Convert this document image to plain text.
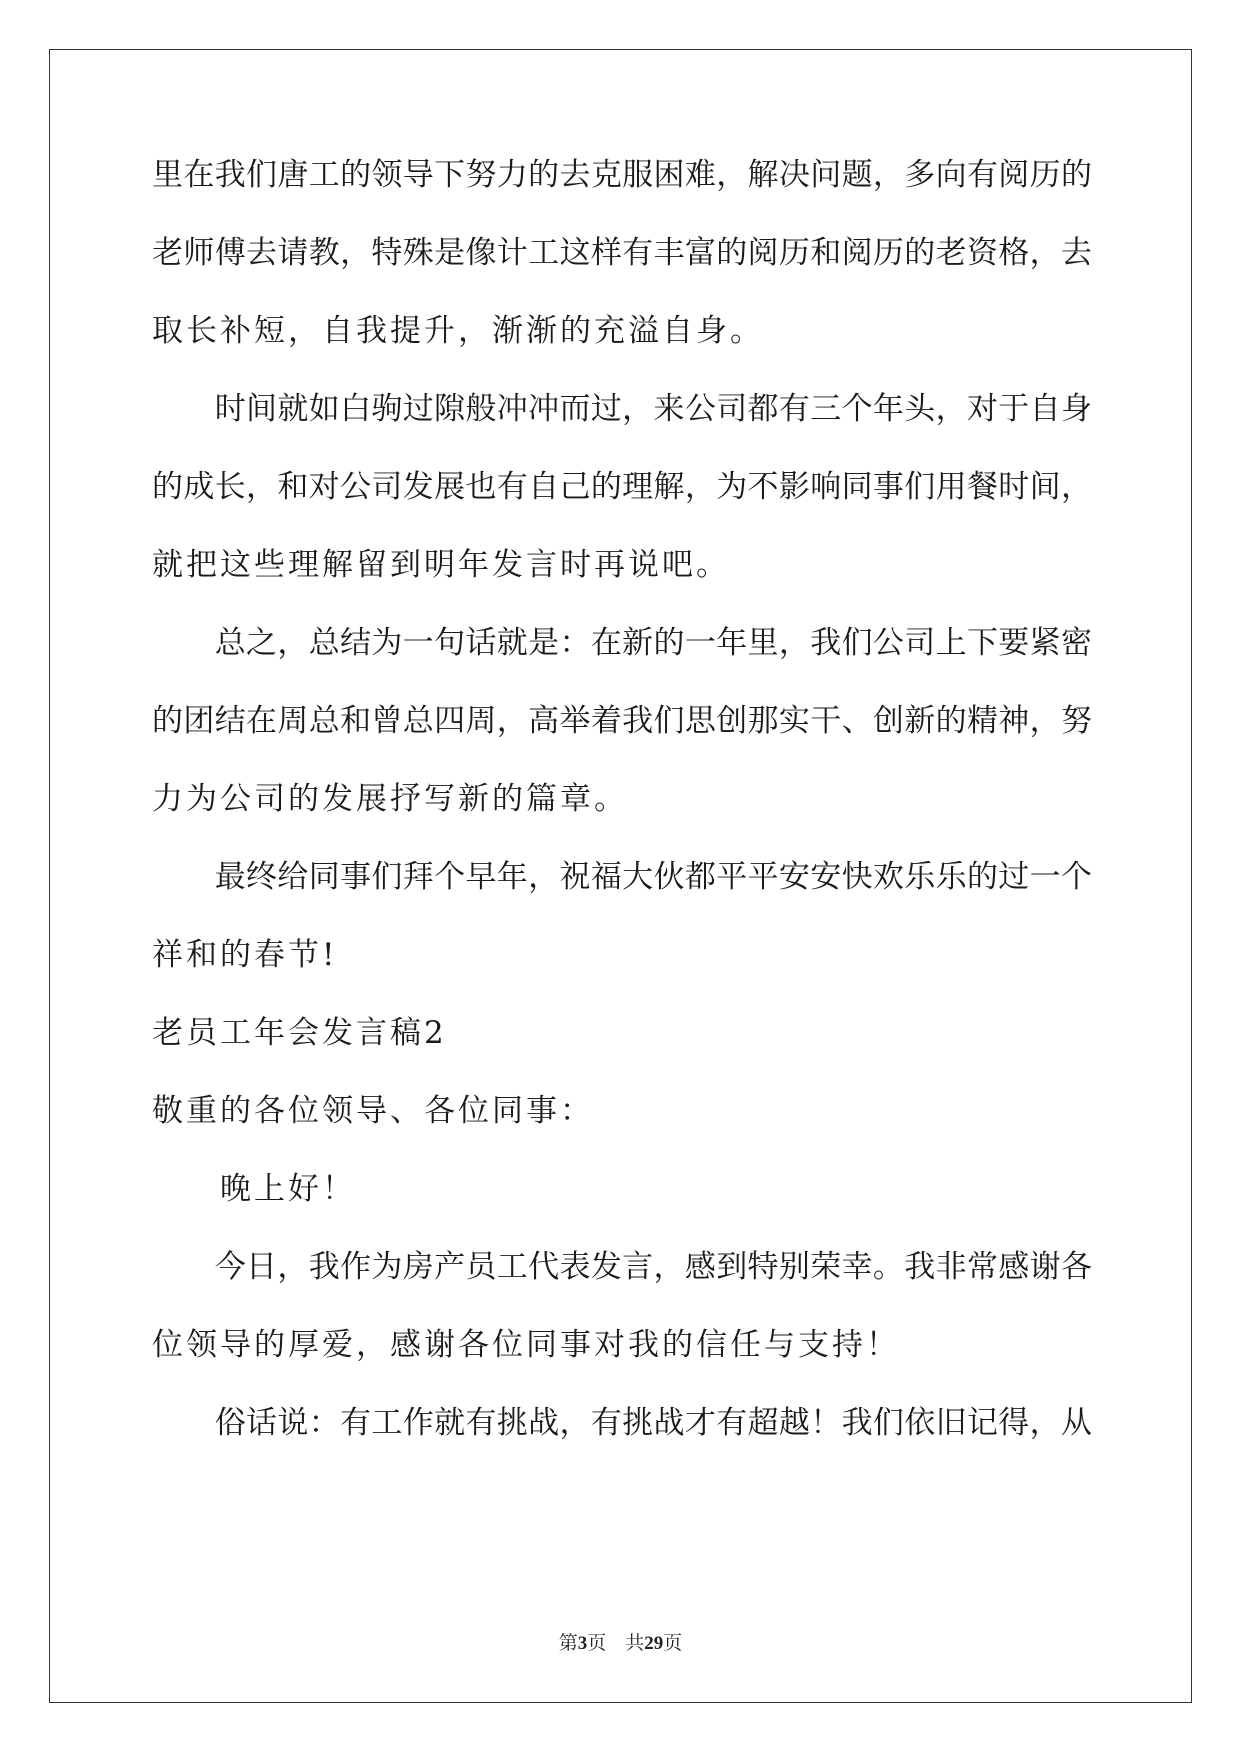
里在我们唐工的领导下努力的去克服困难，解决问题，多向有阅历的
老师傅去请教，特殊是像计工这样有丰富的阅历和阅历的老资格，去
取长补短，自我提升，渐渐的充溢自身。
　　时间就如白驹过隙般冲冲而过，来公司都有三个年头，对于自身
的成长，和对公司发展也有自己的理解，为不影响同事们用餐时间，
就把这些理解留到明年发言时再说吧。
　　总之，总结为一句话就是：在新的一年里，我们公司上下要紧密
的团结在周总和曾总四周，高举着我们思创那实干、创新的精神，努
力为公司的发展抒写新的篇章。
　　最终给同事们拜个早年，祝福大伙都平平安安快欢乐乐的过一个
祥和的春节!
老员工年会发言稿2
敬重的各位领导、各位同事：
　　晚上好！
　　今日，我作为房产员工代表发言，感到特别荣幸。我非常感谢各
位领导的厚爱，感谢各位同事对我的信任与支持！
　　俗话说：有工作就有挑战，有挑战才有超越！我们依旧记得，从
第3页　共29页
